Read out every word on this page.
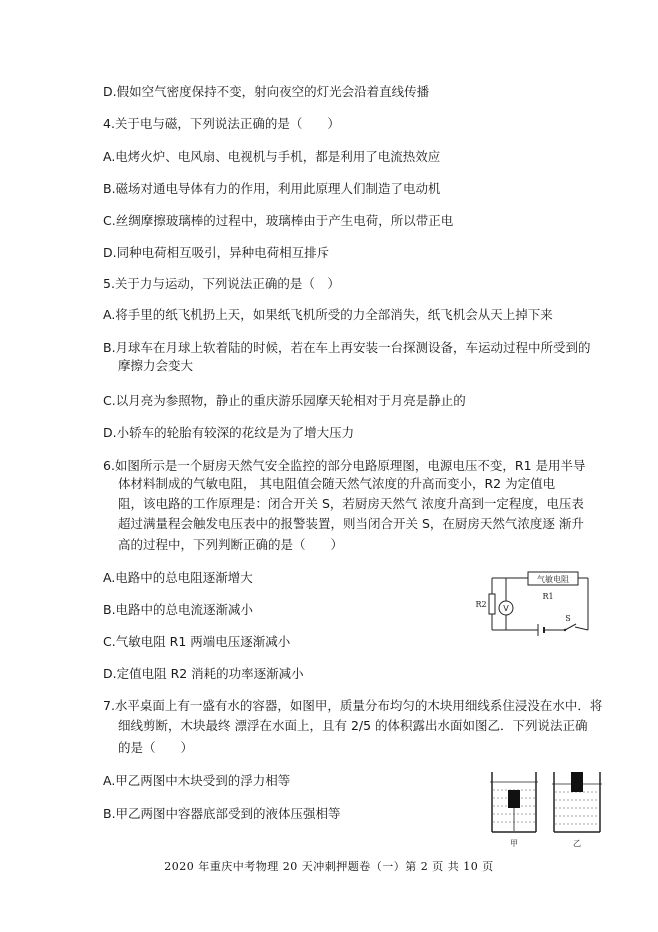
D.假如空气密度保持不变，射向夜空的灯光会沿着直线传播
4.关于电与磁，下列说法正确的是（　　）
A.电烤火炉、电风扇、电视机与手机，都是利用了电流热效应
B.磁场对通电导体有力的作用，利用此原理人们制造了电动机
C.丝绸摩擦玻璃棒的过程中，玻璃棒由于产生电荷，所以带正电
D.同种电荷相互吸引，异种电荷相互排斥
5.关于力与运动，下列说法正确的是（　）
A.将手里的纸飞机扔上天，如果纸飞机所受的力全部消失，纸飞机会从天上掉下来
B.月球车在月球上软着陆的时候，若在车上再安装一台探测设备，车运动过程中所受到的
摩擦力会变大
C.以月亮为参照物，静止的重庆游乐园摩天轮相对于月亮是静止的
D.小轿车的轮胎有较深的花纹是为了增大压力
6.如图所示是一个厨房天然气安全监控的部分电路原理图，电源电压不变，R1 是用半导
体材料制成的气敏电阻， 其电阻值会随天然气浓度的升高而变小，R2 为定值电
阻，该电路的工作原理是：闭合开关 S，若厨房天然气 浓度升高到一定程度，电压表
超过满量程会触发电压表中的报警装置，则当闭合开关 S，在厨房天然气浓度逐 渐升
高的过程中，下列判断正确的是（　　）
A.电路中的总电阻逐渐增大
B.电路中的总电流逐渐减小
C.气敏电阻 R1 两端电压逐渐减小
D.定值电阻 R2 消耗的功率逐渐减小
气敏电阻
R1
R2 V
S
7.水平桌面上有一盛有水的容器，如图甲，质量分布均匀的木块用细线系住浸没在水中．将
细线剪断，木块最终 漂浮在水面上，且有 2/5 的体积露出水面如图乙．下列说法正确
的是（　　）
A.甲乙两图中木块受到的浮力相等
B.甲乙两图中容器底部受到的液体压强相等
甲	乙
2020 年重庆中考物理 20 天冲刺押题卷（一）第 2 页 共 10 页
